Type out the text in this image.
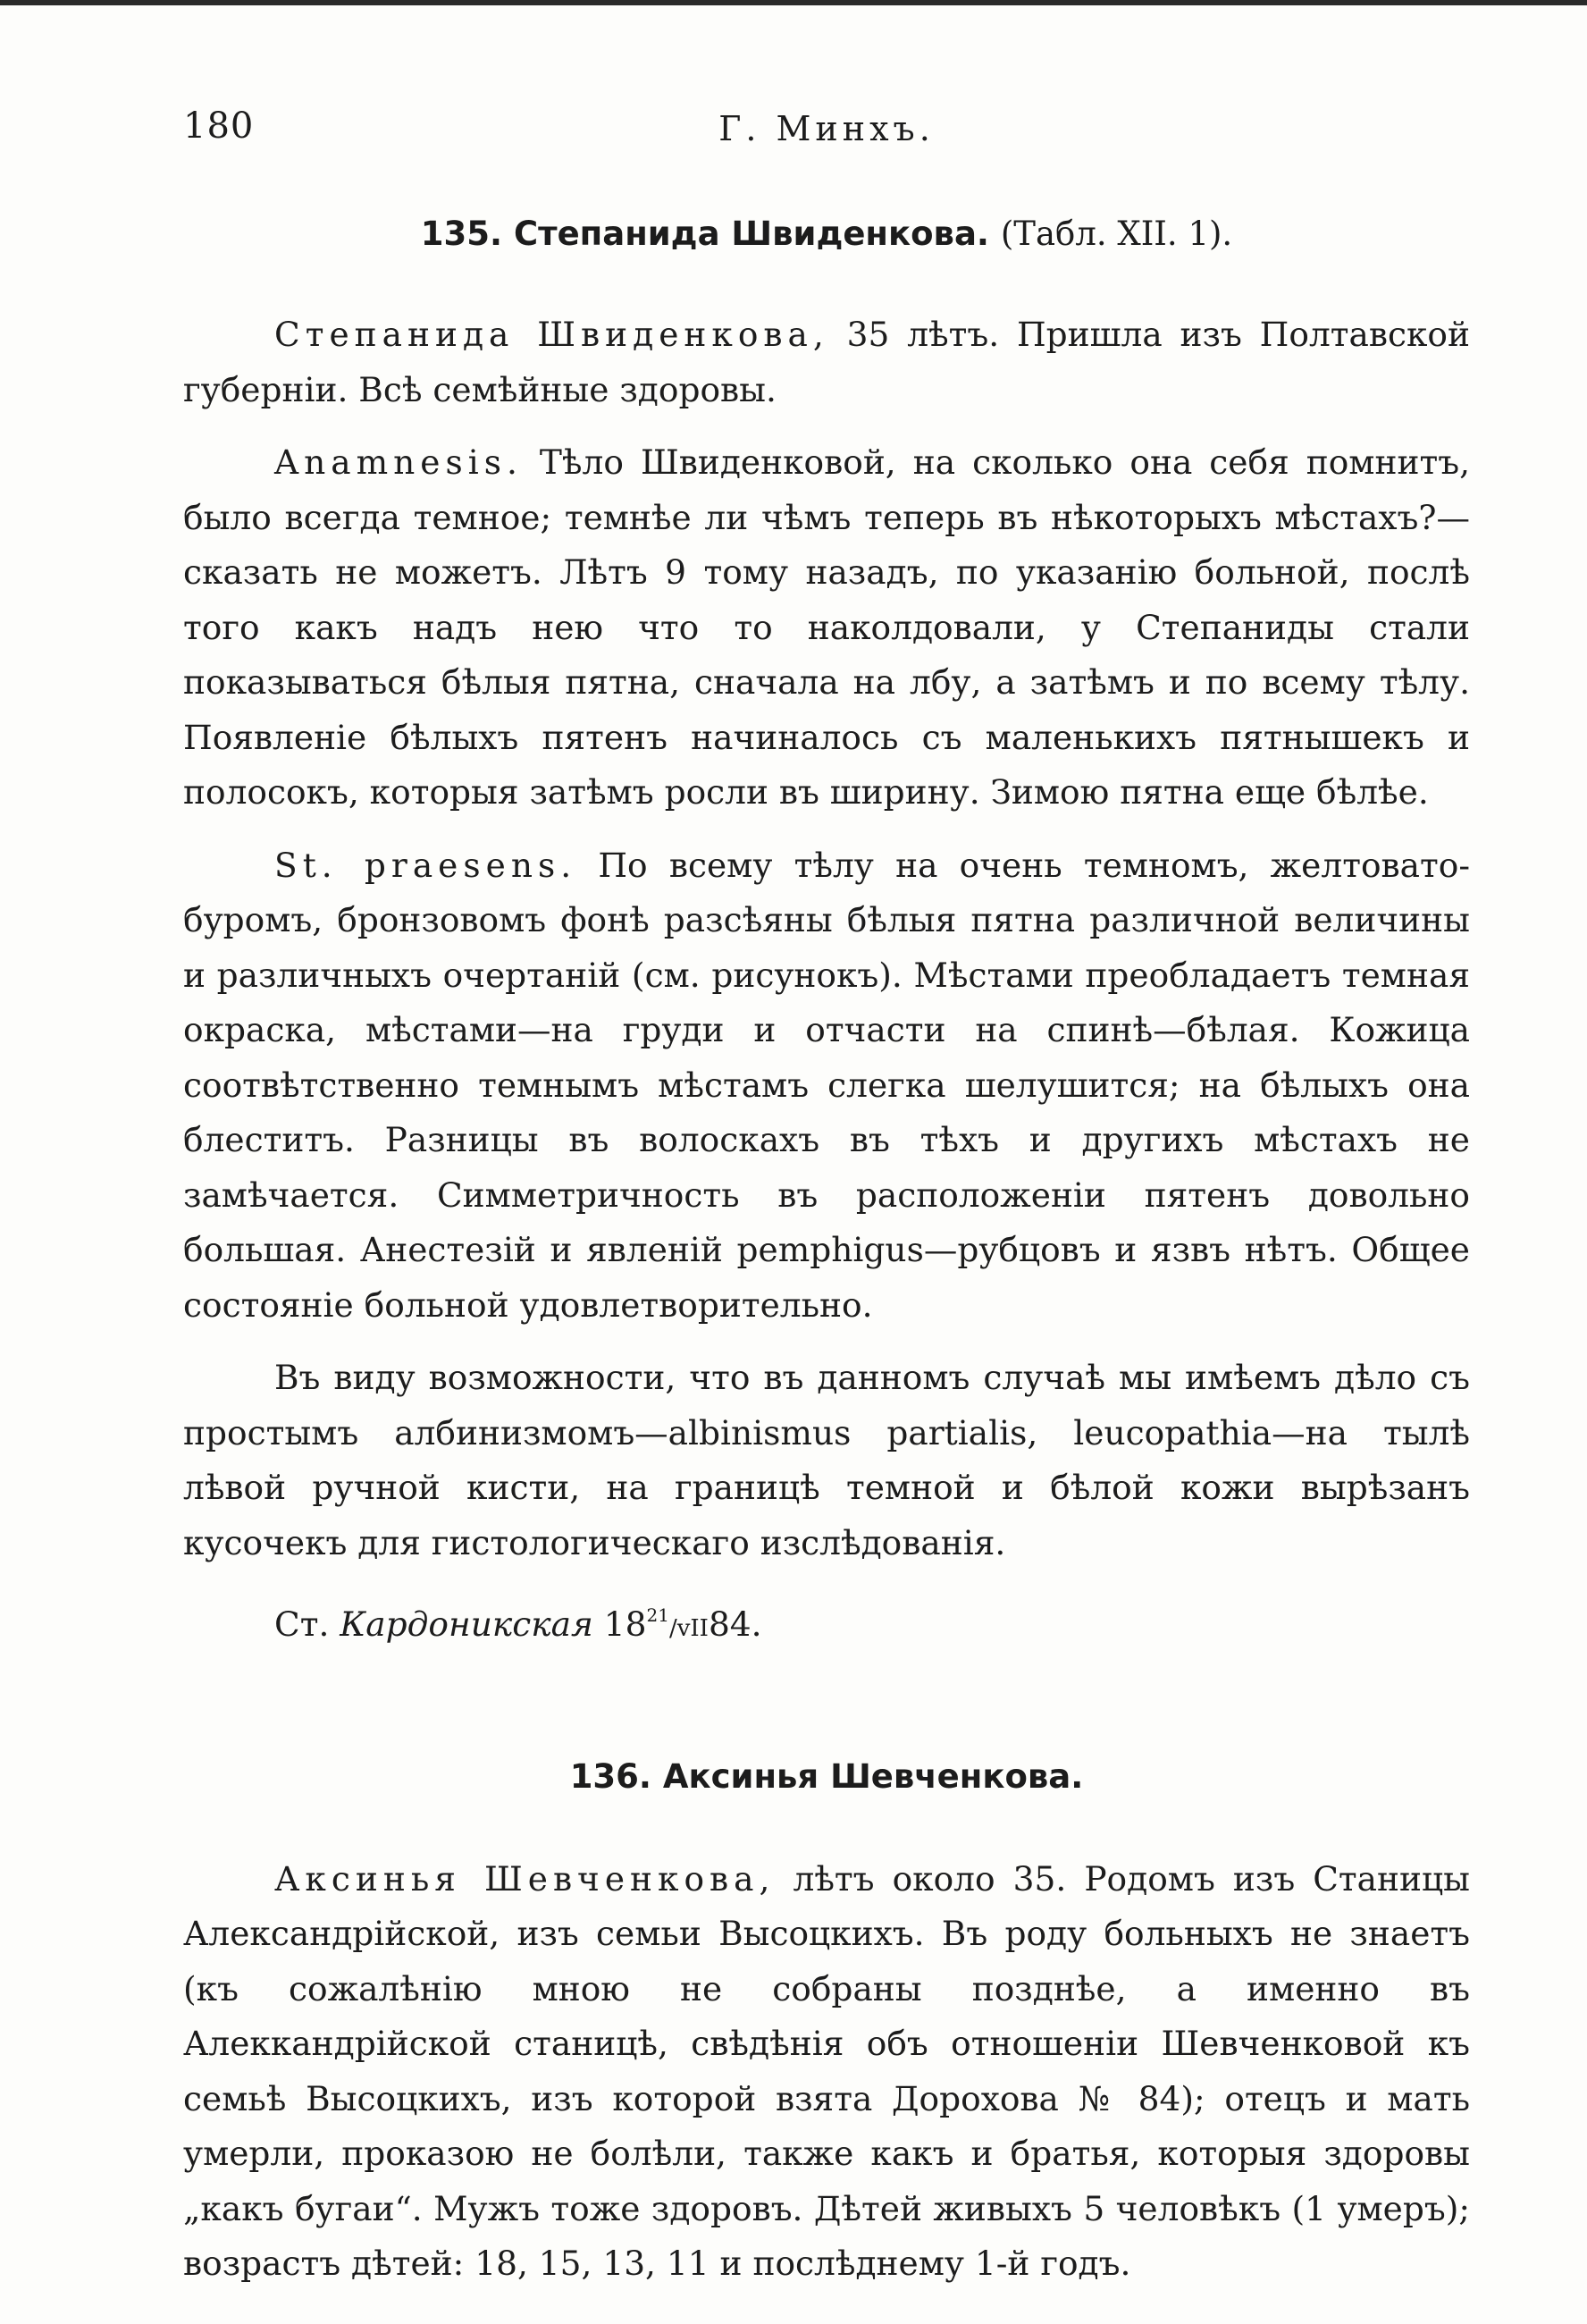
180	Г. Минхъ.
135. Степанида Швиденкова. (Табл. XII. 1).

Степанида Швиденкова, 35 лѣтъ. Пришла изъ Полтавской губерніи. Всѣ семѣйные здоровы.

Anamnesis. Тѣло Швиденковой, на сколько она себя помнитъ, было всегда темное; темнѣе ли чѣмъ теперь въ нѣкоторыхъ мѣстахъ?— сказать не можетъ. Лѣтъ 9 тому назадъ, по указанію больной, послѣ того какъ надъ нею что то наколдовали, у Степаниды стали показываться бѣлыя пятна, сначала на лбу, а затѣмъ и по всему тѣлу. Появленіе бѣлыхъ пятенъ начиналось съ маленькихъ пятнышекъ и полосокъ, которыя затѣмъ росли въ ширину. Зимою пятна еще бѣлѣе.

St. praesens. По всему тѣлу на очень темномъ, желтовато-буромъ, бронзовомъ фонѣ разсѣяны бѣлыя пятна различной величины и различныхъ очертаній (см. рисунокъ). Мѣстами преобладаетъ темная окраска, мѣстами—на груди и отчасти на спинѣ—бѣлая. Кожица соотвѣтственно темнымъ мѣстамъ слегка шелушится; на бѣлыхъ она блеститъ. Разницы въ волоскахъ въ тѣхъ и другихъ мѣстахъ не замѣчается. Симметричность въ расположеніи пятенъ довольно большая. Анестезій и явленій pemphigus—рубцовъ и язвъ нѣтъ. Общее состояніе больной удовлетворительно.

Въ виду возможности, что въ данномъ случаѣ мы имѣемъ дѣло съ простымъ албинизмомъ—albinismus partialis, leucopathia—на тылѣ лѣвой ручной кисти, на границѣ темной и бѣлой кожи вырѣзанъ кусочекъ для гистологическаго изслѣдованія.

Ст. Кардоникская $18^{21}/vII84$.

136. Аксинья Шевченкова.

Аксинья Шевченкова, лѣтъ около 35. Родомъ изъ Станицы Александрійской, изъ семьи Высоцкихъ. Въ роду больныхъ не знаетъ (къ сожалѣнію мною не собраны позднѣе, а именно въ Алеккандрійской станицѣ, свѣдѣнія объ отношеніи Шевченковой къ семьѣ Высоцкихъ, изъ которой взята Дорохова № 84); отецъ и мать умерли, проказою не болѣли, также какъ и братья, которыя здоровы „какъ бугаи“. Мужъ тоже здоровъ. Дѣтей живыхъ 5 человѣкъ (1 умеръ); возрастъ дѣтей: 18, 15, 13, 11 и послѣднему 1-й годъ.
